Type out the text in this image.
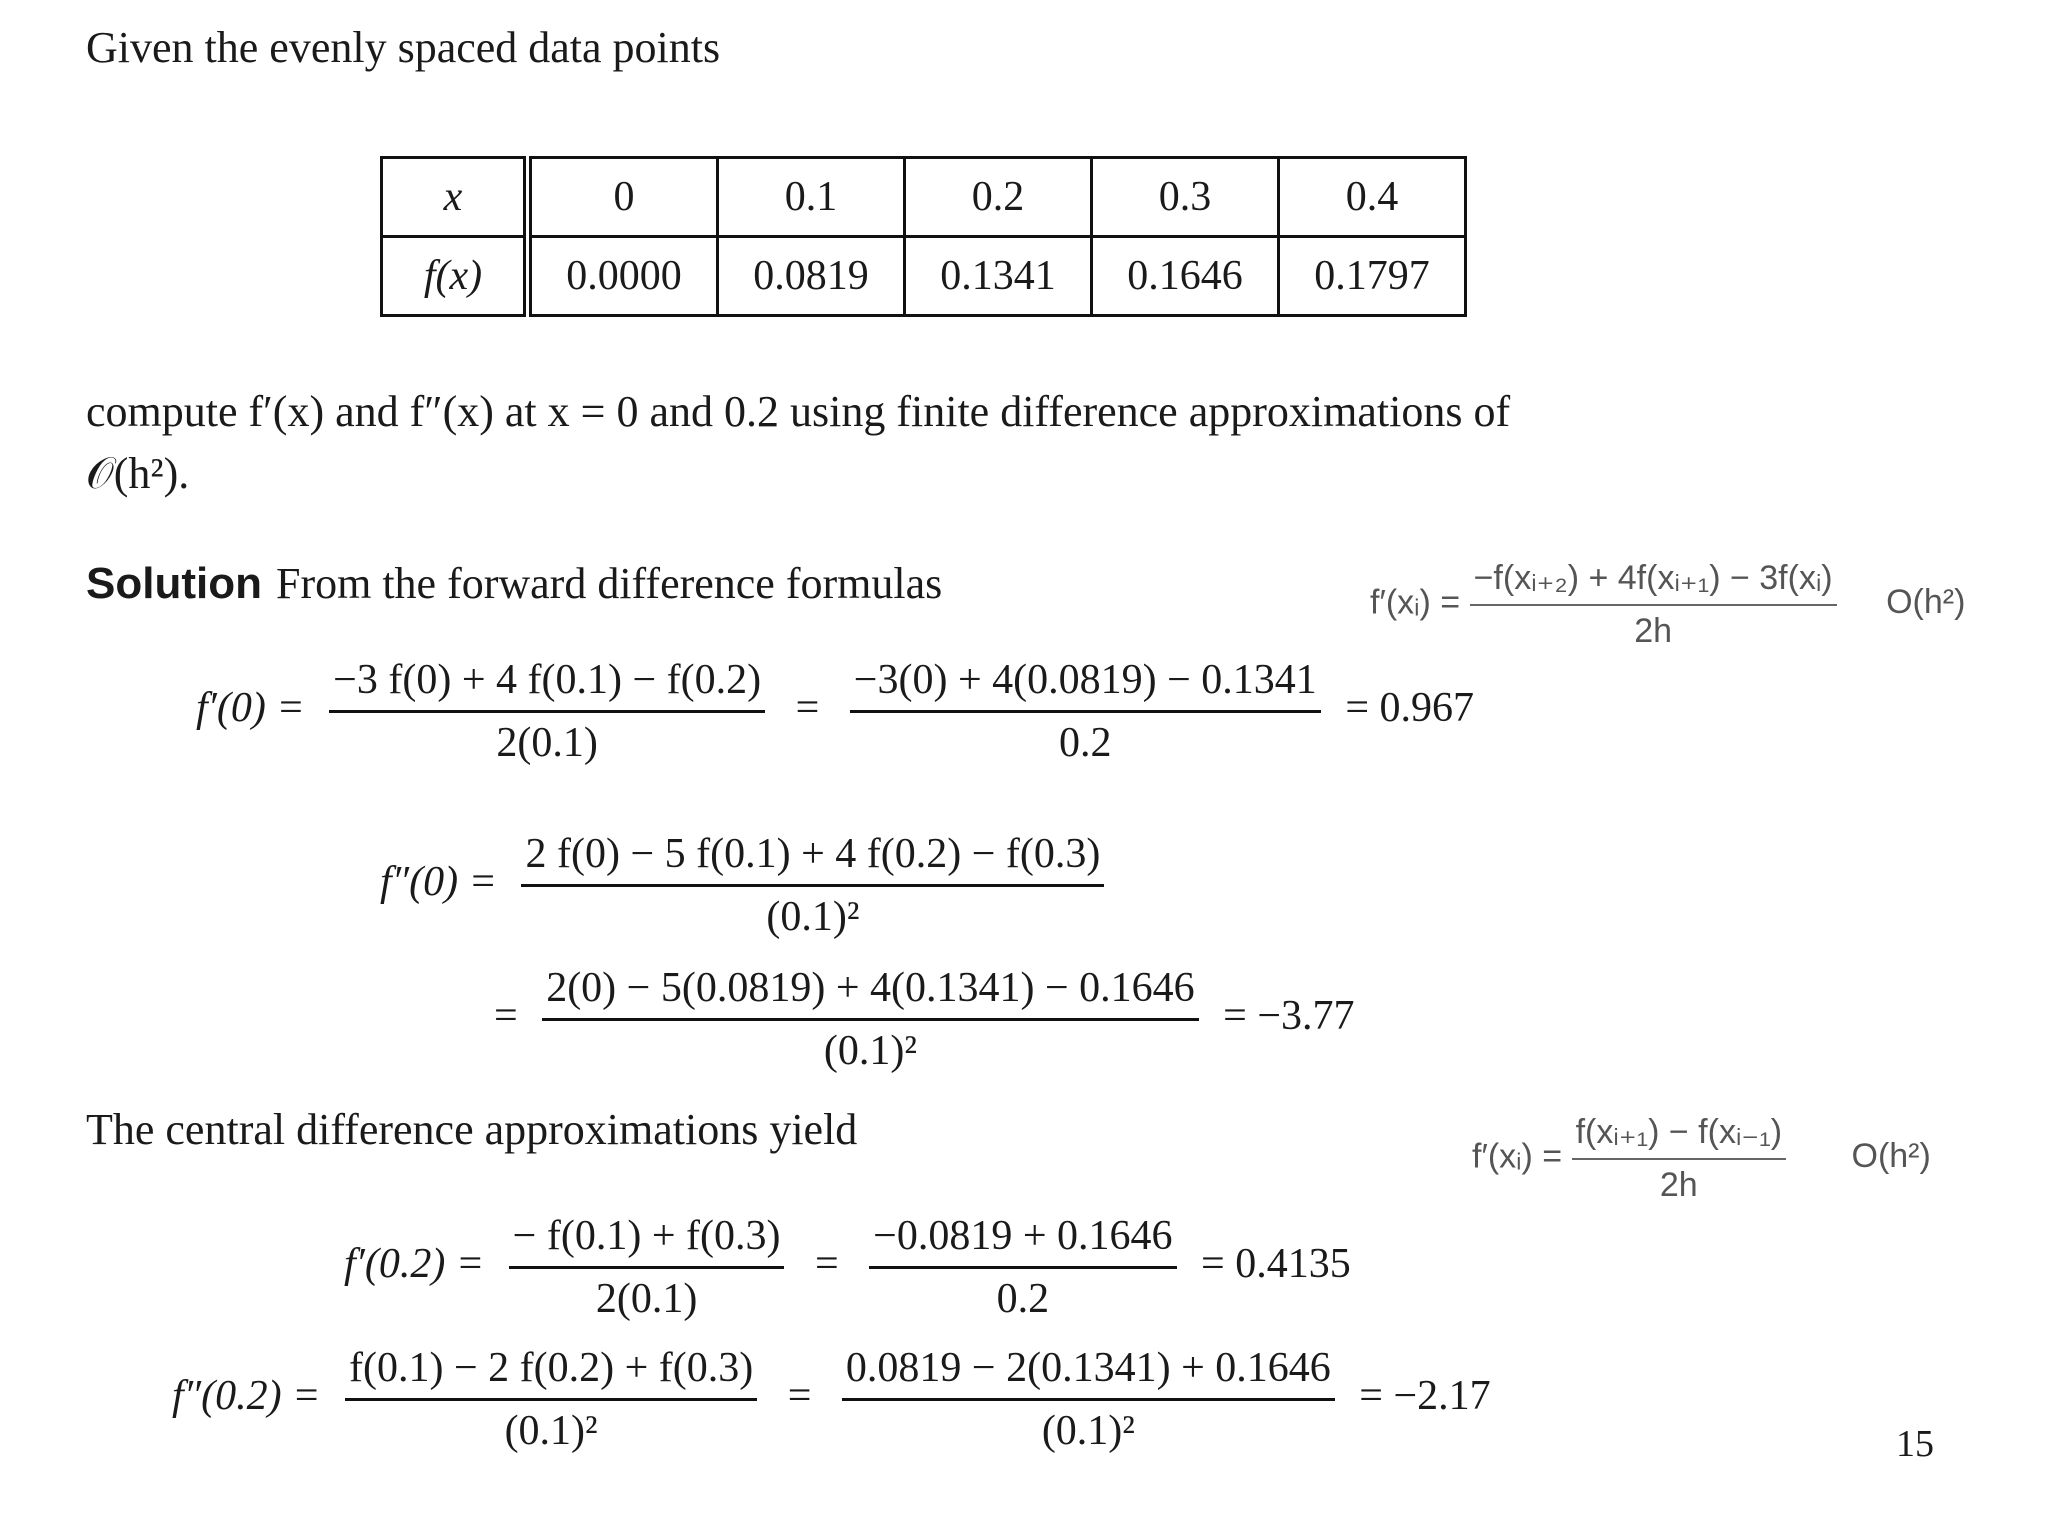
Given the evenly spaced data points
x	0	0.1	0.2	0.3	0.4
f(x)	0.0000	0.0819	0.1341	0.1646	0.1797
compute f′(x) and f″(x) at x = 0 and 0.2 using finite difference approximations of
𝒪(h²).
Solution From the forward difference formulas	f′(xᵢ) = $\frac{\text{−f(xᵢ₊₂) + 4f(xᵢ₊₁) − 3f(xᵢ)}}{2h} O(h^2)$
$f'(0) = \frac{-3 f(0) + 4 f(0.1) - f(0.2)}{2(0.1)} = \frac{-3(0) + 4(0.0819) - 0.1341}{0.2} = 0.967$
$f''(0) = \frac{2 f(0) - 5 f(0.1) + 4 f(0.2) - f(0.3)}{\text{(0.1)²}}$
= $\frac{2(0) - 5(0.0819) + 4(0.1341) - 0.1646}{\text{(0.1)²}} = -3.77$
The central difference approximations yield
f′(xᵢ) = $\frac{\text{f(xᵢ₊₁) − f(xᵢ₋₁)}}{2h} O(h^2)$
$f'(0.2) = \frac{- f(0.1) + f(0.3)}{2(0.1)} = \frac{-0.0819 + 0.1646}{0.2} = 0.4135$
$f''(0.2) = \frac{f(0.1) - 2 f(0.2) + f(0.3)}{\text{(0.1)²}} = \frac{0.0819 - 2(0.1341) + 0.1646}{\text{(0.1)²}} = -2.17$
15
